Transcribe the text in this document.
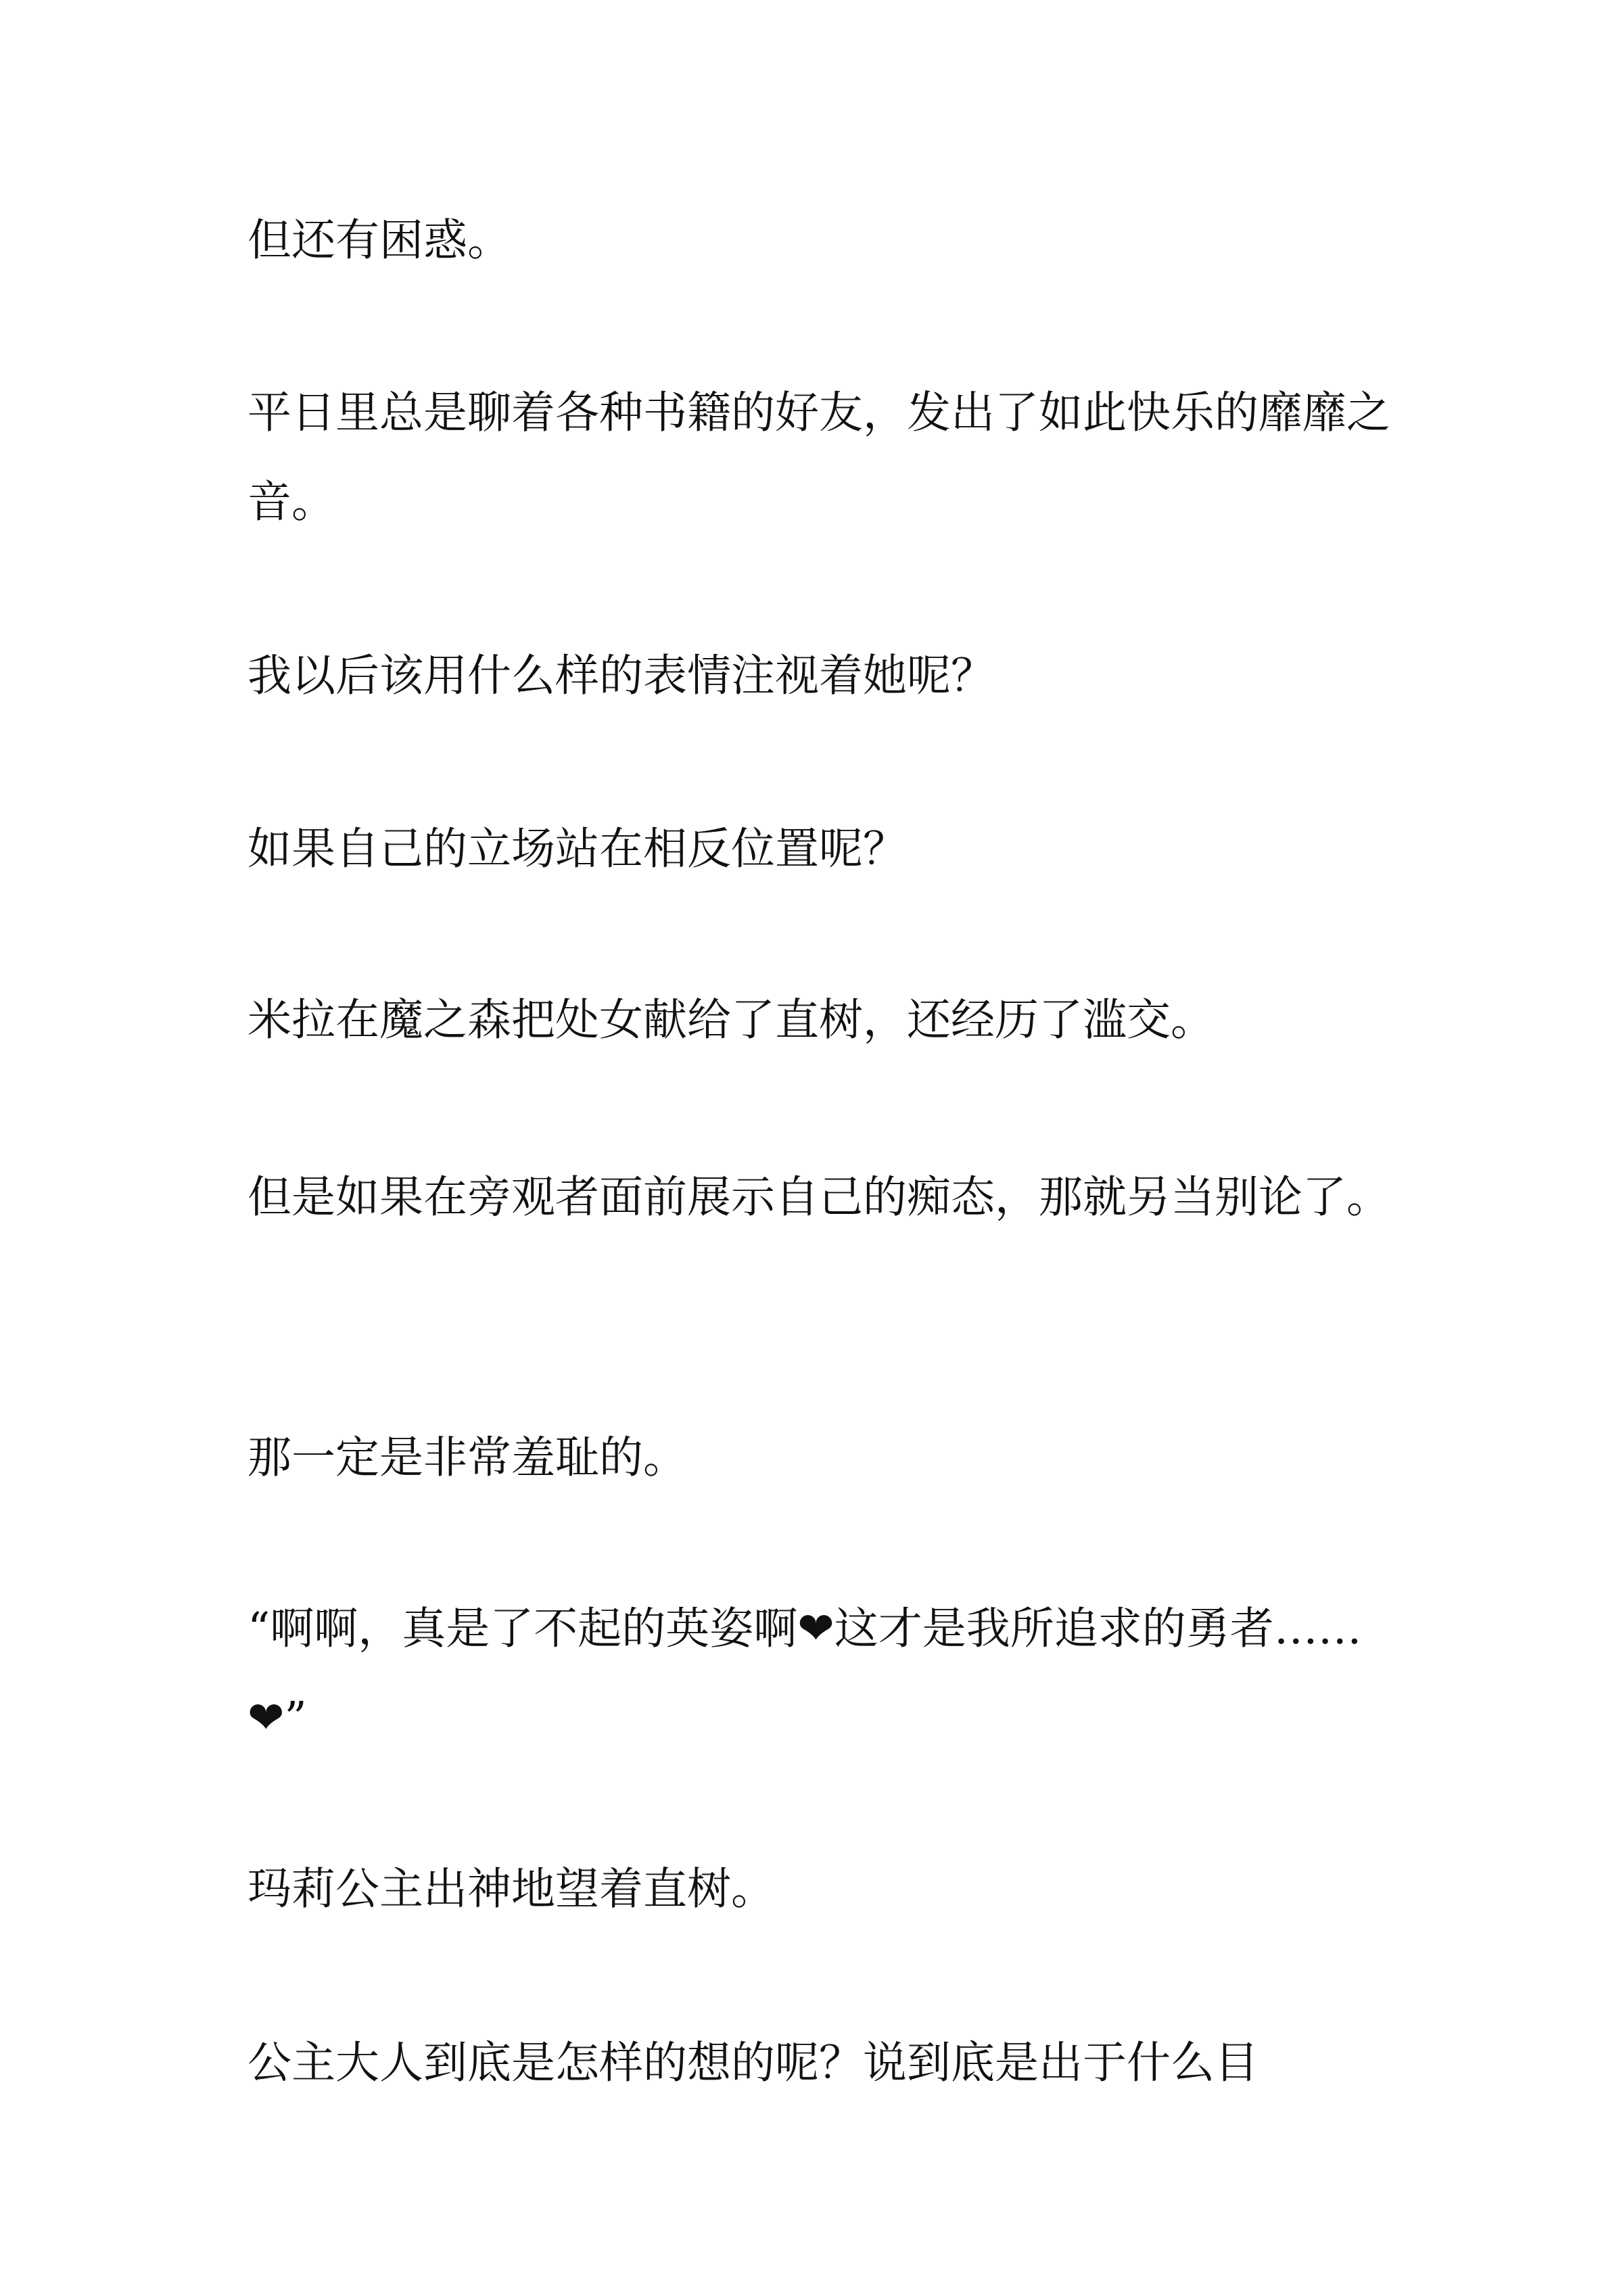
但还有困惑。

平日里总是聊着各种书籍的好友，发出了如此快乐的靡靡之音。

我以后该用什么样的表情注视着她呢？

如果自己的立场站在相反位置呢？

米拉在魔之森把处女献给了直树，还经历了滥交。

但是如果在旁观者面前展示自己的痴态，那就另当别论了。

那一定是非常羞耻的。

“啊啊，真是了不起的英姿啊❤这才是我所追求的勇者……❤”

玛莉公主出神地望着直树。

公主大人到底是怎样的想的呢？说到底是出于什么目
